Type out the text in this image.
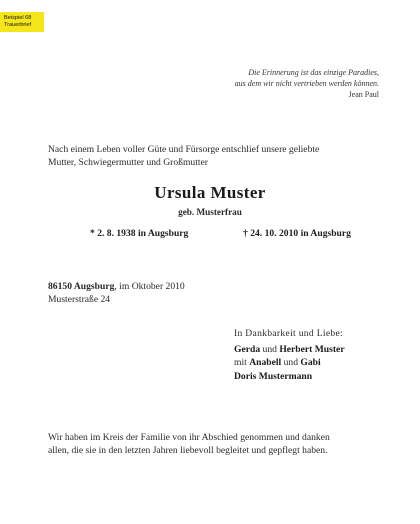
Beispiel 68
Trauerbrief
Die Erinnerung ist das einzige Paradies,
aus dem wir nicht vertrieben werden können.
Jean Paul
Nach einem Leben voller Güte und Fürsorge entschlief unsere geliebte
Mutter, Schwiegermutter und Großmutter
Ursula Muster
geb. Musterfrau
* 2. 8. 1938 in Augsburg	† 24. 10. 2010 in Augsburg
86150 Augsburg, im Oktober 2010
Musterstraße 24
In Dankbarkeit und Liebe:
Gerda und Herbert Muster
mit Anabell und Gabi
Doris Mustermann
Wir haben im Kreis der Familie von ihr Abschied genommen und danken
allen, die sie in den letzten Jahren liebevoll begleitet und gepflegt haben.
